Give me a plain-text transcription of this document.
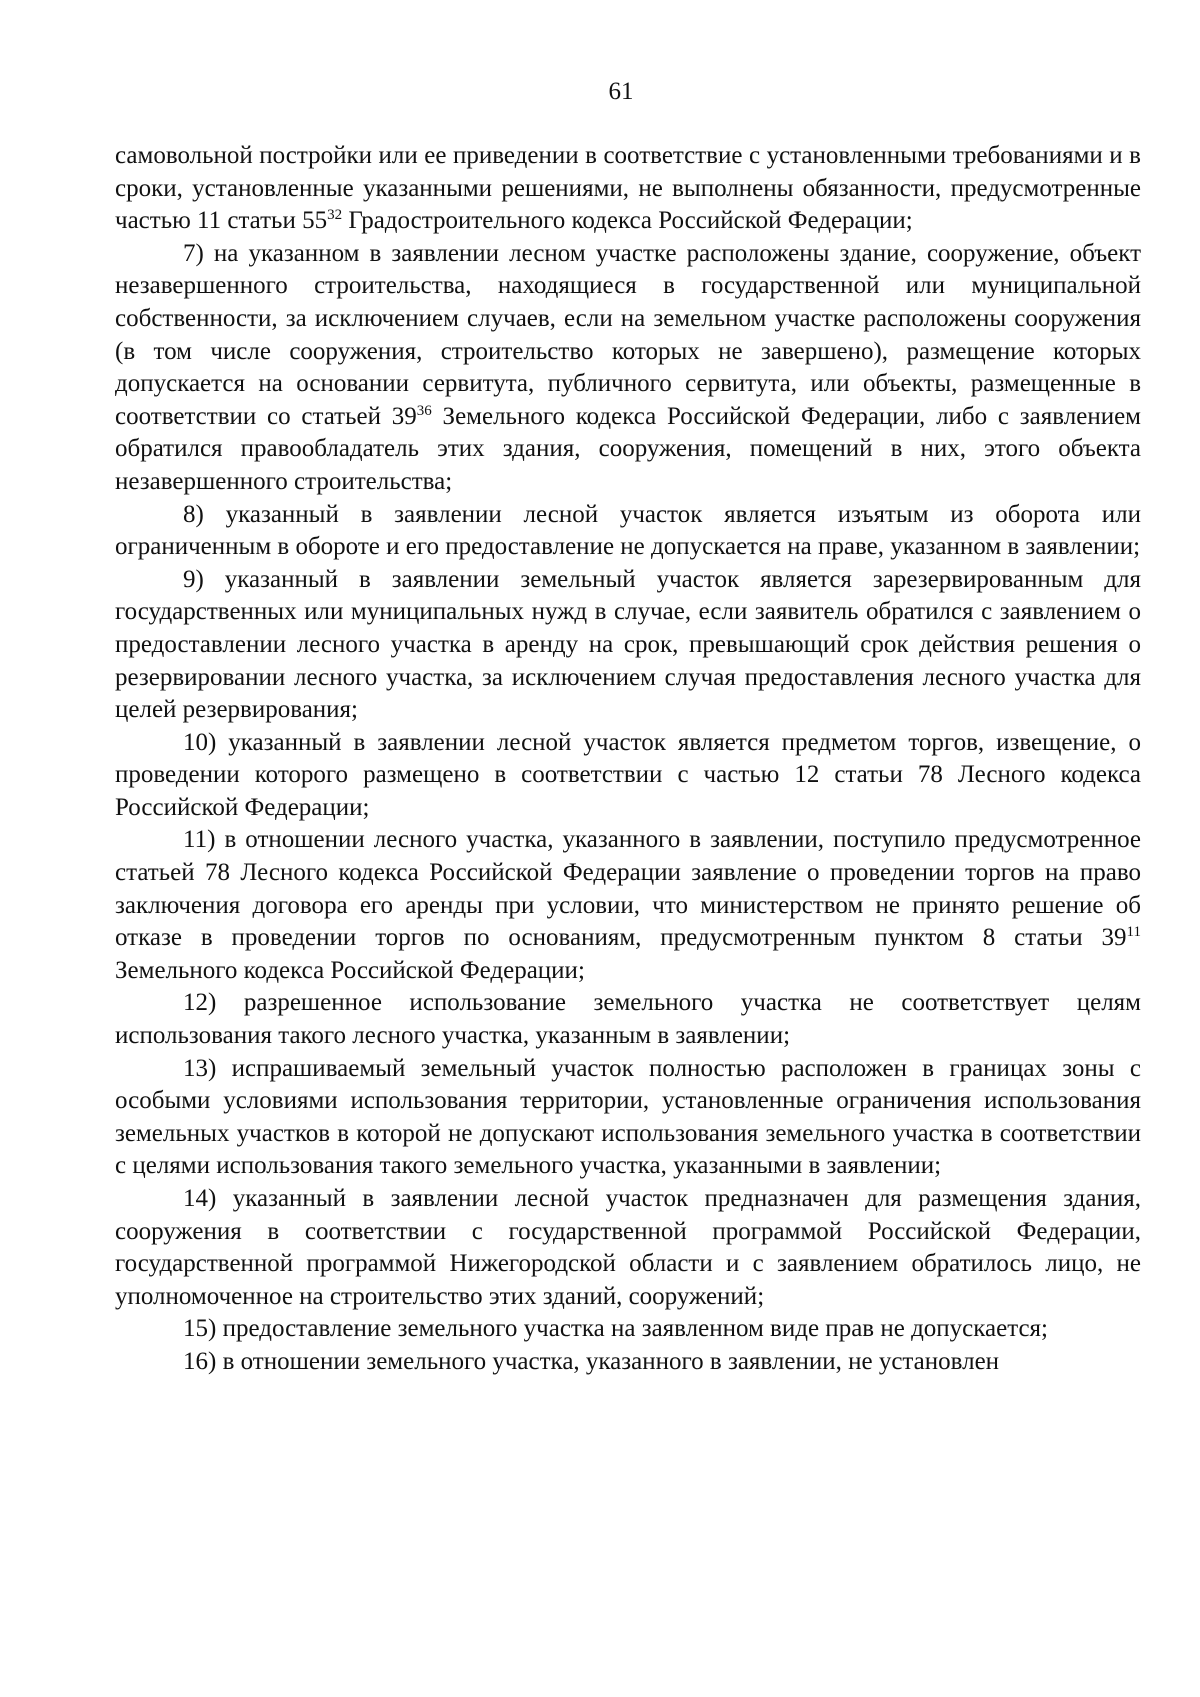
61

самовольной постройки или ее приведении в соответствие с установленными требованиями и в сроки, установленные указанными решениями, не выполнены обязанности, предусмотренные частью 11 статьи $55^{32}$ Градостроительного кодекса Российской Федерации;

7) на указанном в заявлении лесном участке расположены здание, сооружение, объект незавершенного строительства, находящиеся в государственной или муниципальной собственности, за исключением случаев, если на земельном участке расположены сооружения (в том числе сооружения, строительство которых не завершено), размещение которых допускается на основании сервитута, публичного сервитута, или объекты, размещенные в соответствии со статьей $39^{36}$ Земельного кодекса Российской Федерации, либо с заявлением обратился правообладатель этих здания, сооружения, помещений в них, этого объекта незавершенного строительства;

8) указанный в заявлении лесной участок является изъятым из оборота или ограниченным в обороте и его предоставление не допускается на праве, указанном в заявлении;

9) указанный в заявлении земельный участок является зарезервированным для государственных или муниципальных нужд в случае, если заявитель обратился с заявлением о предоставлении лесного участка в аренду на срок, превышающий срок действия решения о резервировании лесного участка, за исключением случая предоставления лесного участка для целей резервирования;

10) указанный в заявлении лесной участок является предметом торгов, извещение, о проведении которого размещено в соответствии с частью 12 статьи 78 Лесного кодекса Российской Федерации;

11) в отношении лесного участка, указанного в заявлении, поступило предусмотренное статьей 78 Лесного кодекса Российской Федерации заявление о проведении торгов на право заключения договора его аренды при условии, что министерством не принято решение об отказе в проведении торгов по основаниям, предусмотренным пунктом 8 статьи $39^{11}$ Земельного кодекса Российской Федерации;

12) разрешенное использование земельного участка не соответствует целям использования такого лесного участка, указанным в заявлении;

13) испрашиваемый земельный участок полностью расположен в границах зоны с особыми условиями использования территории, установленные ограничения использования земельных участков в которой не допускают использования земельного участка в соответствии с целями использования такого земельного участка, указанными в заявлении;

14) указанный в заявлении лесной участок предназначен для размещения здания, сооружения в соответствии с государственной программой Российской Федерации, государственной программой Нижегородской области и с заявлением обратилось лицо, не уполномоченное на строительство этих зданий, сооружений;

15) предоставление земельного участка на заявленном виде прав не допускается;

16) в отношении земельного участка, указанного в заявлении, не установлен
